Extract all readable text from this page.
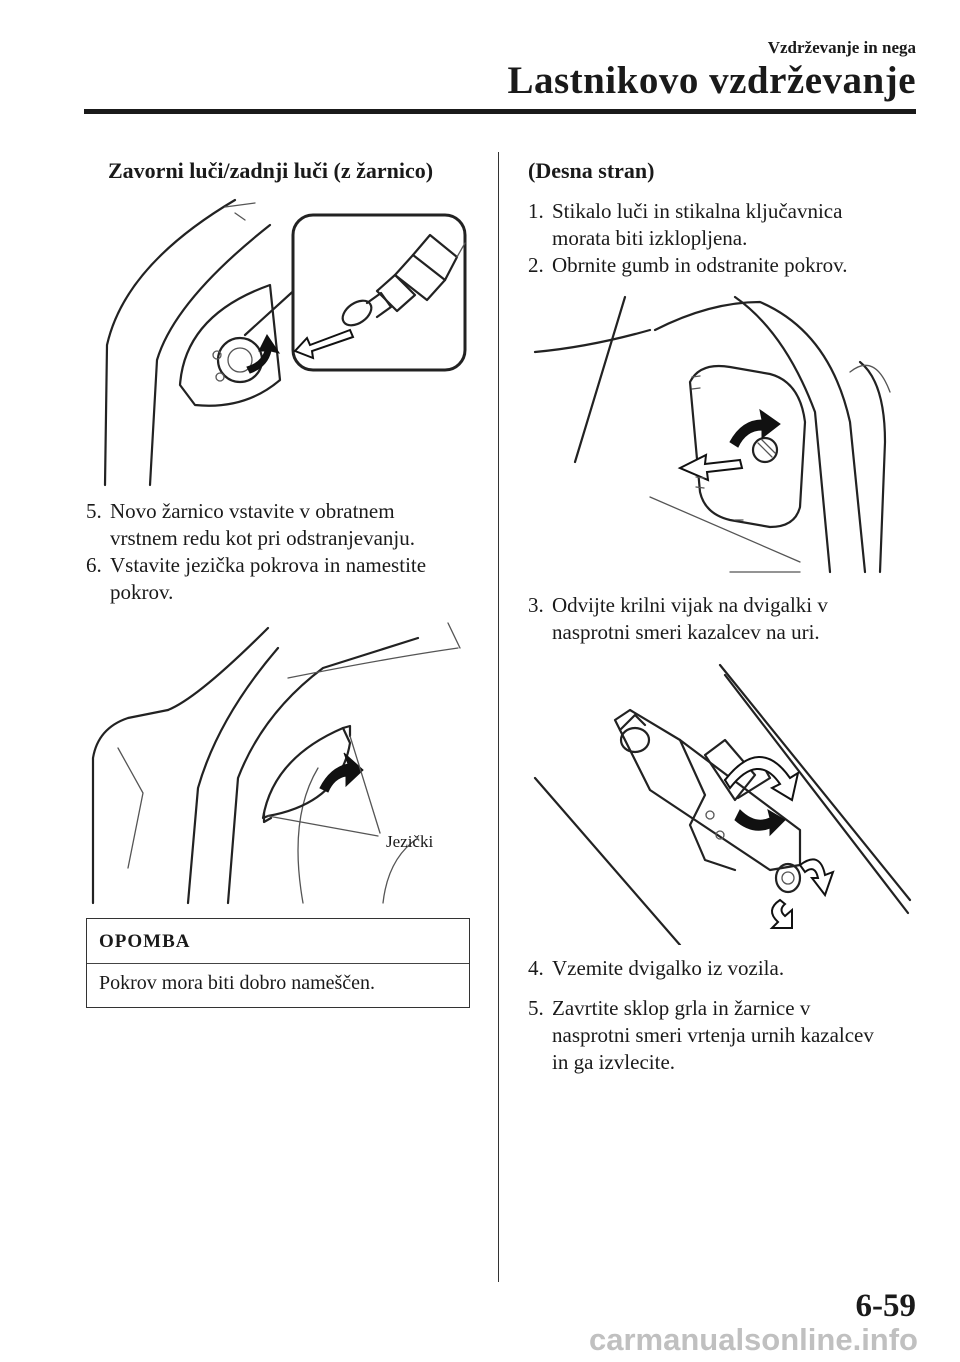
Vzdrževanje in nega
Lastnikovo vzdrževanje
Zavorni luči/zadnji luči (z žarnico)
5. Novo žarnico vstavite v obratnem
vrstnem redu kot pri odstranjevanju.
6. Vstavite jezička pokrova in namestite
pokrov.
Jezički
OPOMBA
Pokrov mora biti dobro nameščen.
(Desna stran)
1. Stikalo luči in stikalna ključavnica
morata biti izklopljena.
2. Obrnite gumb in odstranite pokrov.
3. Odvijte krilni vijak na dvigalki v
nasprotni smeri kazalcev na uri.
4. Vzemite dvigalko iz vozila.
5. Zavrtite sklop grla in žarnice v
nasprotni smeri vrtenja urnih kazalcev
in ga izvlecite.
6-59
carmanualsonline.info
